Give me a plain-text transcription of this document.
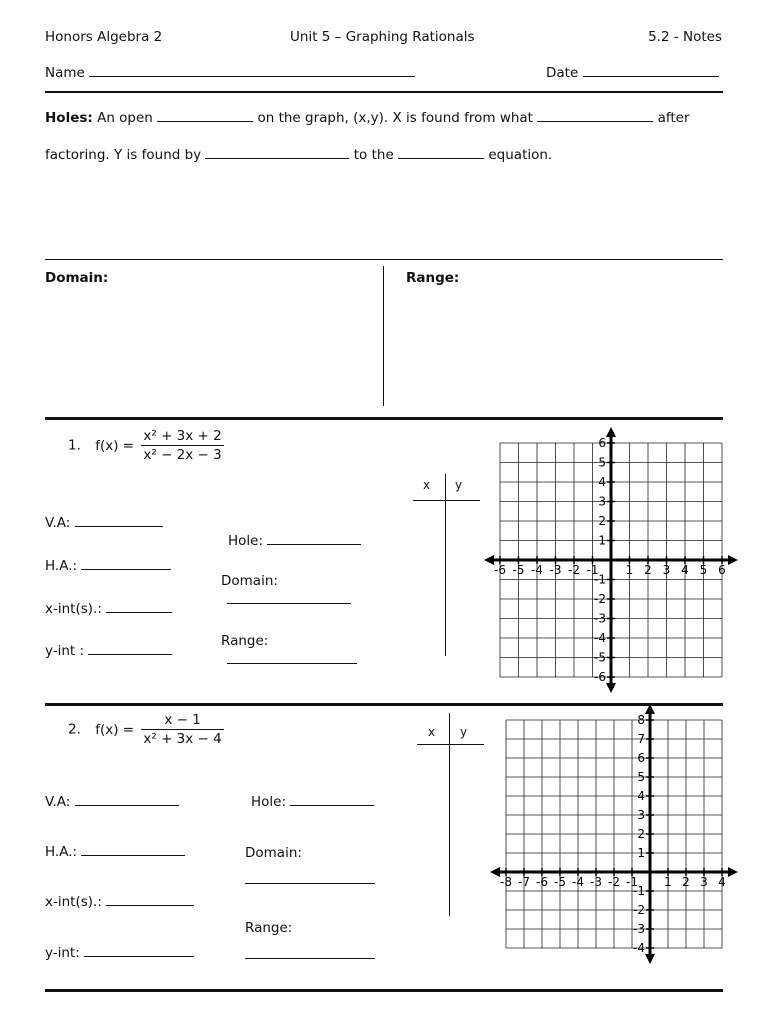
Honors Algebra 2	Unit 5 – Graphing Rationals	5.2 - Notes
Name	Date
Holes: An open	on the graph, (x,y). X is found from what	after
factoring. Y is found by	to the	equation.
Domain:	Range:
1. $f(x) = \frac{\text{x² + 3x + 2}}{\text{x² − 2x − 3}}$
V.A:
H.A.:
x-int(s).:
y-int :
Hole:
Domain:
Range:
x y
-6 -5 -4 -3 -2 -1 1 2 3 4 5 6
6
5
4
3
2
1
-1
-2
-3
-4
-5
-6
-8 -7 -6 -5 -4 -3 -2 -1 1 2 3 4
8
7
6
5
4
3
2
1
-1
-2
-3
-4
2. $f(x) = \frac{x - 1}{\text{x² + 3x − 4}}$
V.A:
H.A.:
x-int(s).:
y-int:
Hole:
Domain:
Range:
x y
